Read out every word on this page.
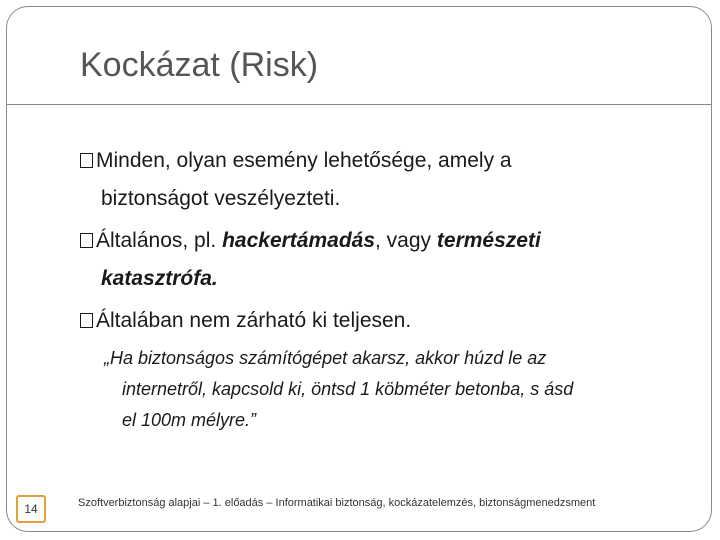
Kockázat (Risk)
Minden, olyan esemény lehetősége, amely a
biztonságot veszélyezteti.
Általános, pl. hackertámadás, vagy természeti
katasztrófa.
Általában nem zárható ki teljesen.
„Ha biztonságos számítógépet akarsz, akkor húzd le az
internetről, kapcsold ki, öntsd 1 köbméter betonba, s ásd
el 100m mélyre.”
14	Szoftverbiztonság alapjai – 1. előadás – Informatikai biztonság, kockázatelemzés, biztonságmenedzsment
